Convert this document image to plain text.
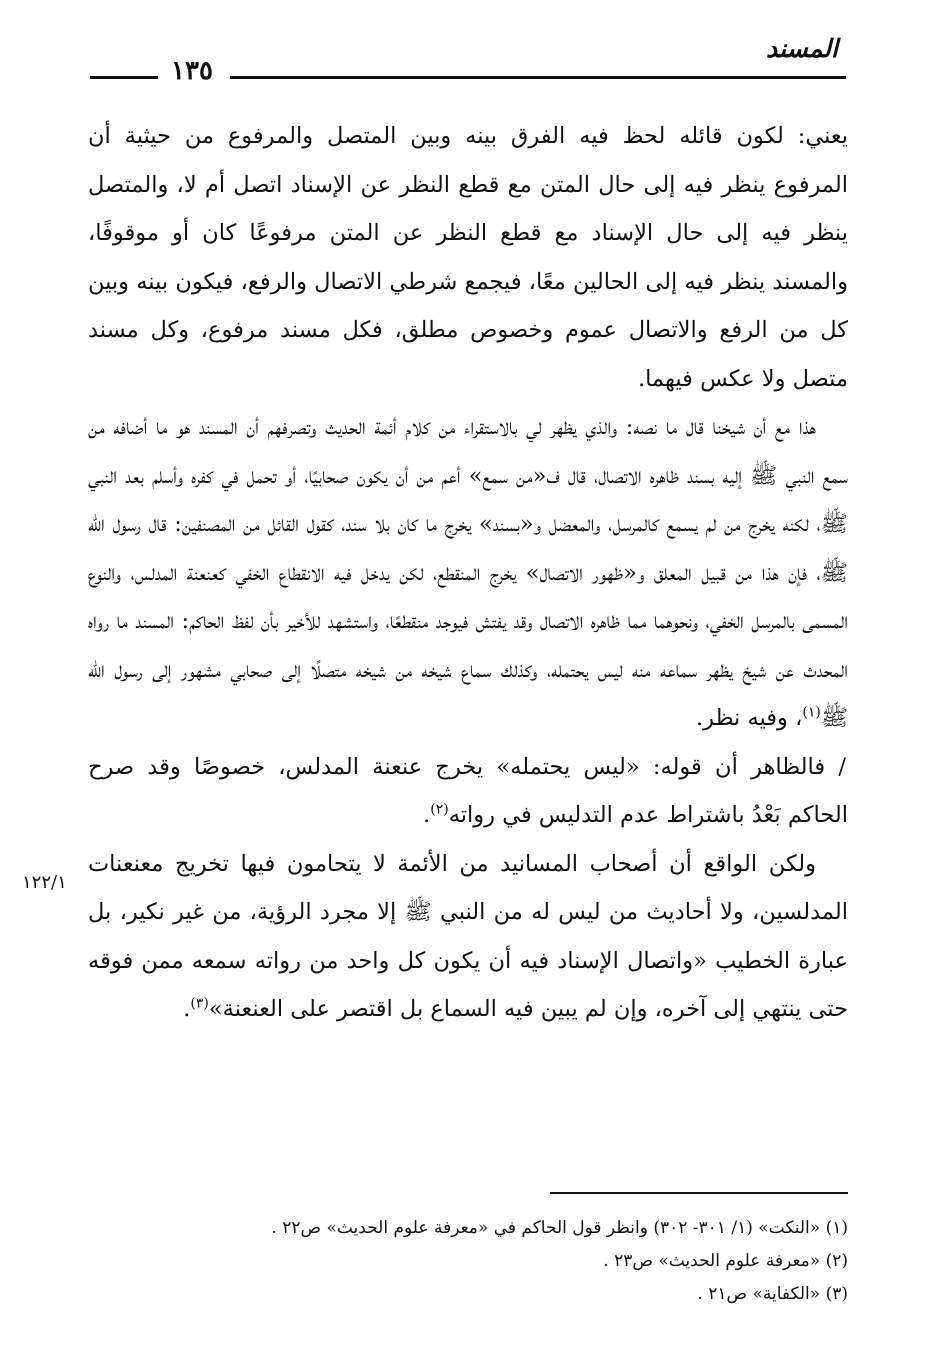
المسند
١٣٥
١٢٢/١

يعني: لكون قائله لحظ فيه الفرق بينه وبين المتصل والمرفوع من حيثية أن المرفوع ينظر فيه إلى حال المتن مع قطع النظر عن الإسناد اتصل أم لا، والمتصل ينظر فيه إلى حال الإسناد مع قطع النظر عن المتن مرفوعًا كان أو موقوفًا، والمسند ينظر فيه إلى الحالين معًا، فيجمع شرطي الاتصال والرفع، فيكون بينه وبين كل من الرفع والاتصال عموم وخصوص مطلق، فكل مسند مرفوع، وكل مسند متصل ولا عكس فيهما.

هذا مع أن شيخنا قال ما نصه: والذي يظهر لي بالاستقراء من كلام أئمة الحديث وتصرفهم أن المسند هو ما أضافه من سمع النبي ﷺ إليه بسند ظاهره الاتصال، قال ف«من سمع» أعم من أن يكون صحابيًا، أو تحمل في كفره وأسلم بعد النبي ﷺ، لكنه يخرج من لم يسمع كالمرسل، والمعضل و«بسند» يخرج ما كان بلا سند، كقول القائل من المصنفين: قال رسول الله ﷺ، فإن هذا من قبيل المعلق و«ظهور الاتصال» يخرج المنقطع، لكن يدخل فيه الانقطاع الخفي كعنعنة المدلس، والنوع المسمى بالمرسل الخفي، ونحوهما مما ظاهره الاتصال وقد يفتش فيوجد منقطعًا، واستشهد للأخير بأن لفظ الحاكم: المسند ما رواه المحدث عن شيخ يظهر سماعه منه ليس يحتمله، وكذلك سماع شيخه من شيخه متصلًا إلى صحابي مشهور إلى رسول الله ﷺ$^{(١)}$، وفيه نظر.

/ فالظاهر أن قوله: «ليس يحتمله» يخرج عنعنة المدلس، خصوصًا وقد صرح الحاكم بَعْدُ باشتراط عدم التدليس في رواته$^{(٢)}$.

ولكن الواقع أن أصحاب المسانيد من الأئمة لا يتحامون فيها تخريج معنعنات المدلسين، ولا أحاديث من ليس له من النبي ﷺ إلا مجرد الرؤية، من غير نكير، بل عبارة الخطيب «واتصال الإسناد فيه أن يكون كل واحد من رواته سمعه ممن فوقه حتى ينتهي إلى آخره، وإن لم يبين فيه السماع بل اقتصر على العنعنة»$^{(٣)}$.

(١) «النكت» (١/ ٣٠١- ٣٠٢) وانظر قول الحاكم في «معرفة علوم الحديث» ص٢٢ .

(٢) «معرفة علوم الحديث» ص٢٣ .

(٣) «الكفاية» ص٢١ .
